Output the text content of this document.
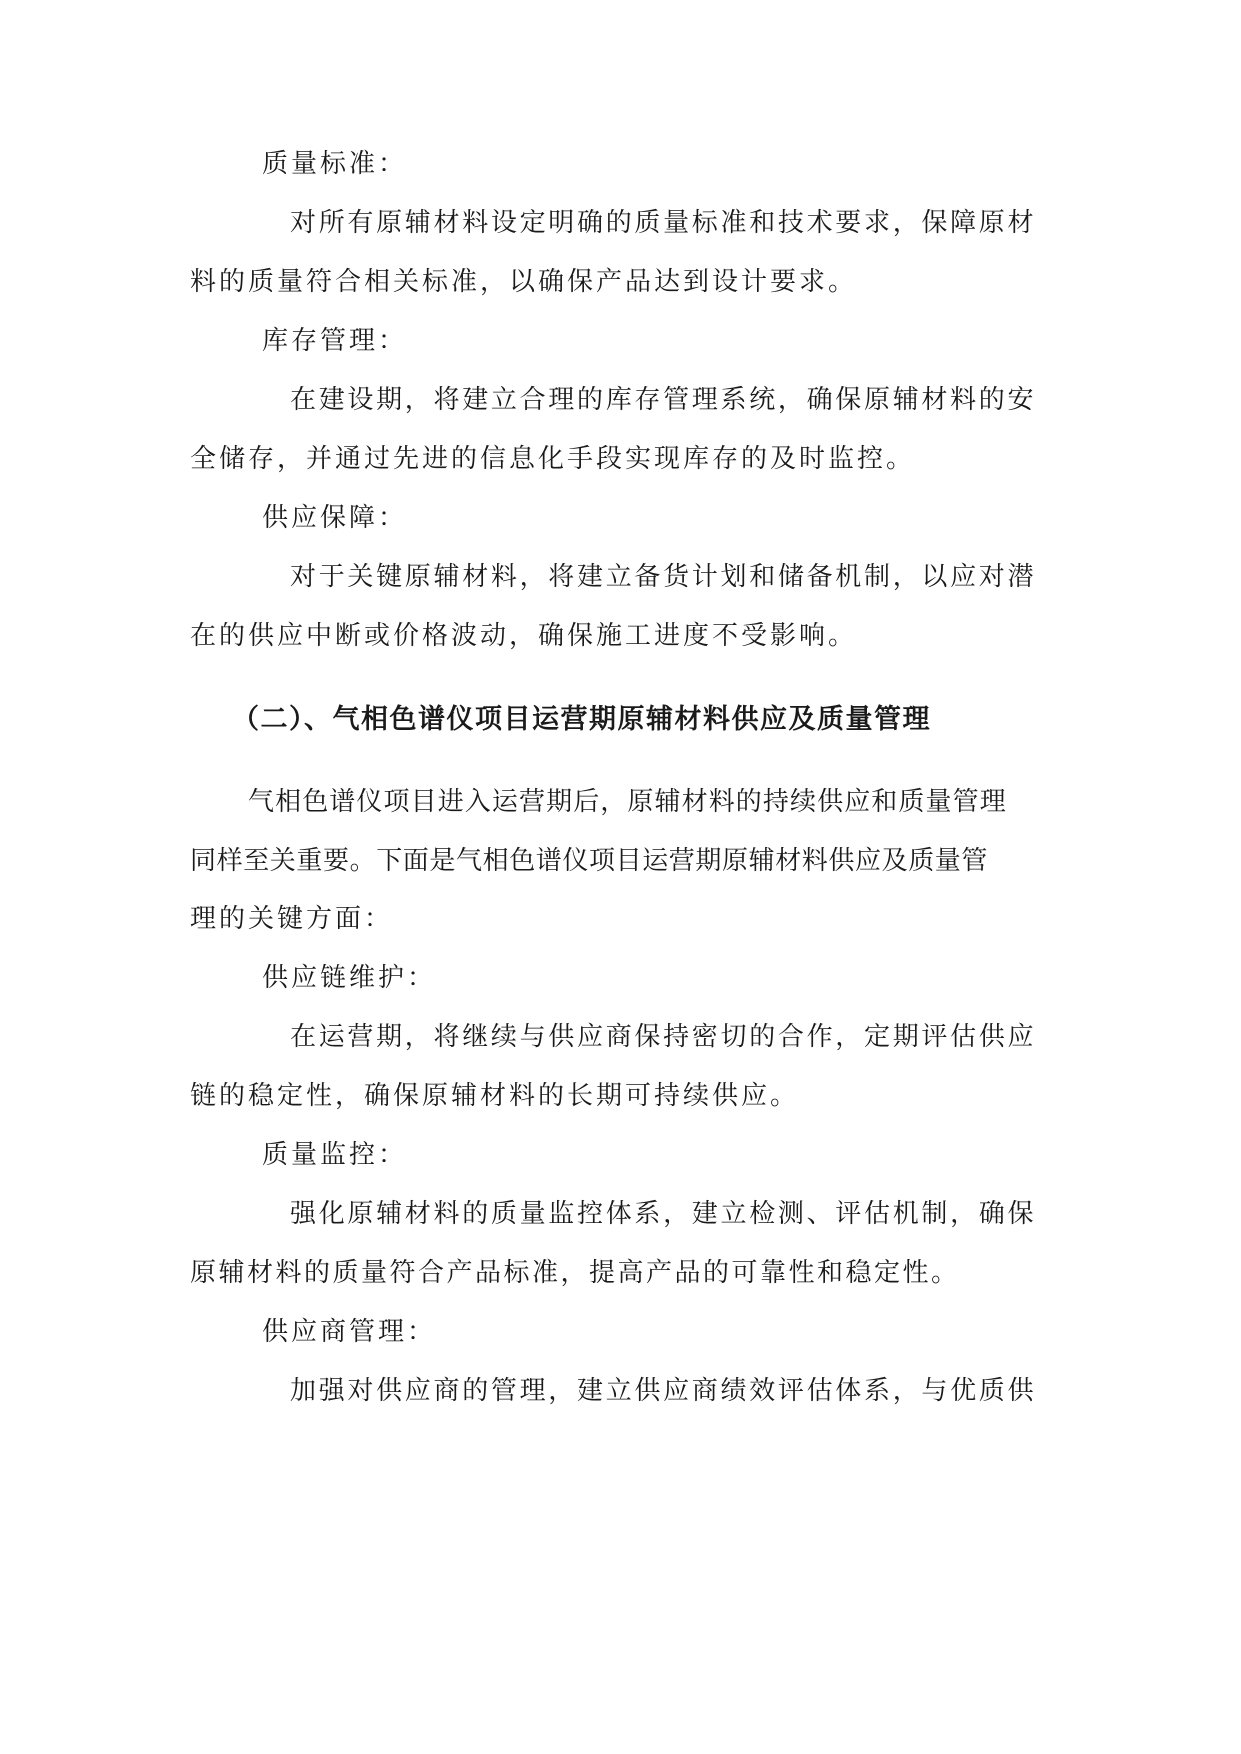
质量标准：
对所有原辅材料设定明确的质量标准和技术要求，保障原材
料的质量符合相关标准，以确保产品达到设计要求。
库存管理：
在建设期，将建立合理的库存管理系统，确保原辅材料的安
全储存，并通过先进的信息化手段实现库存的及时监控。
供应保障：
对于关键原辅材料，将建立备货计划和储备机制，以应对潜
在的供应中断或价格波动，确保施工进度不受影响。
（二）、气相色谱仪项目运营期原辅材料供应及质量管理
气相色谱仪项目进入运营期后，原辅材料的持续供应和质量管理
同样至关重要。下面是气相色谱仪项目运营期原辅材料供应及质量管
理的关键方面：
供应链维护：
在运营期，将继续与供应商保持密切的合作，定期评估供应
链的稳定性，确保原辅材料的长期可持续供应。
质量监控：
强化原辅材料的质量监控体系，建立检测、评估机制，确保
原辅材料的质量符合产品标准，提高产品的可靠性和稳定性。
供应商管理：
加强对供应商的管理，建立供应商绩效评估体系，与优质供
